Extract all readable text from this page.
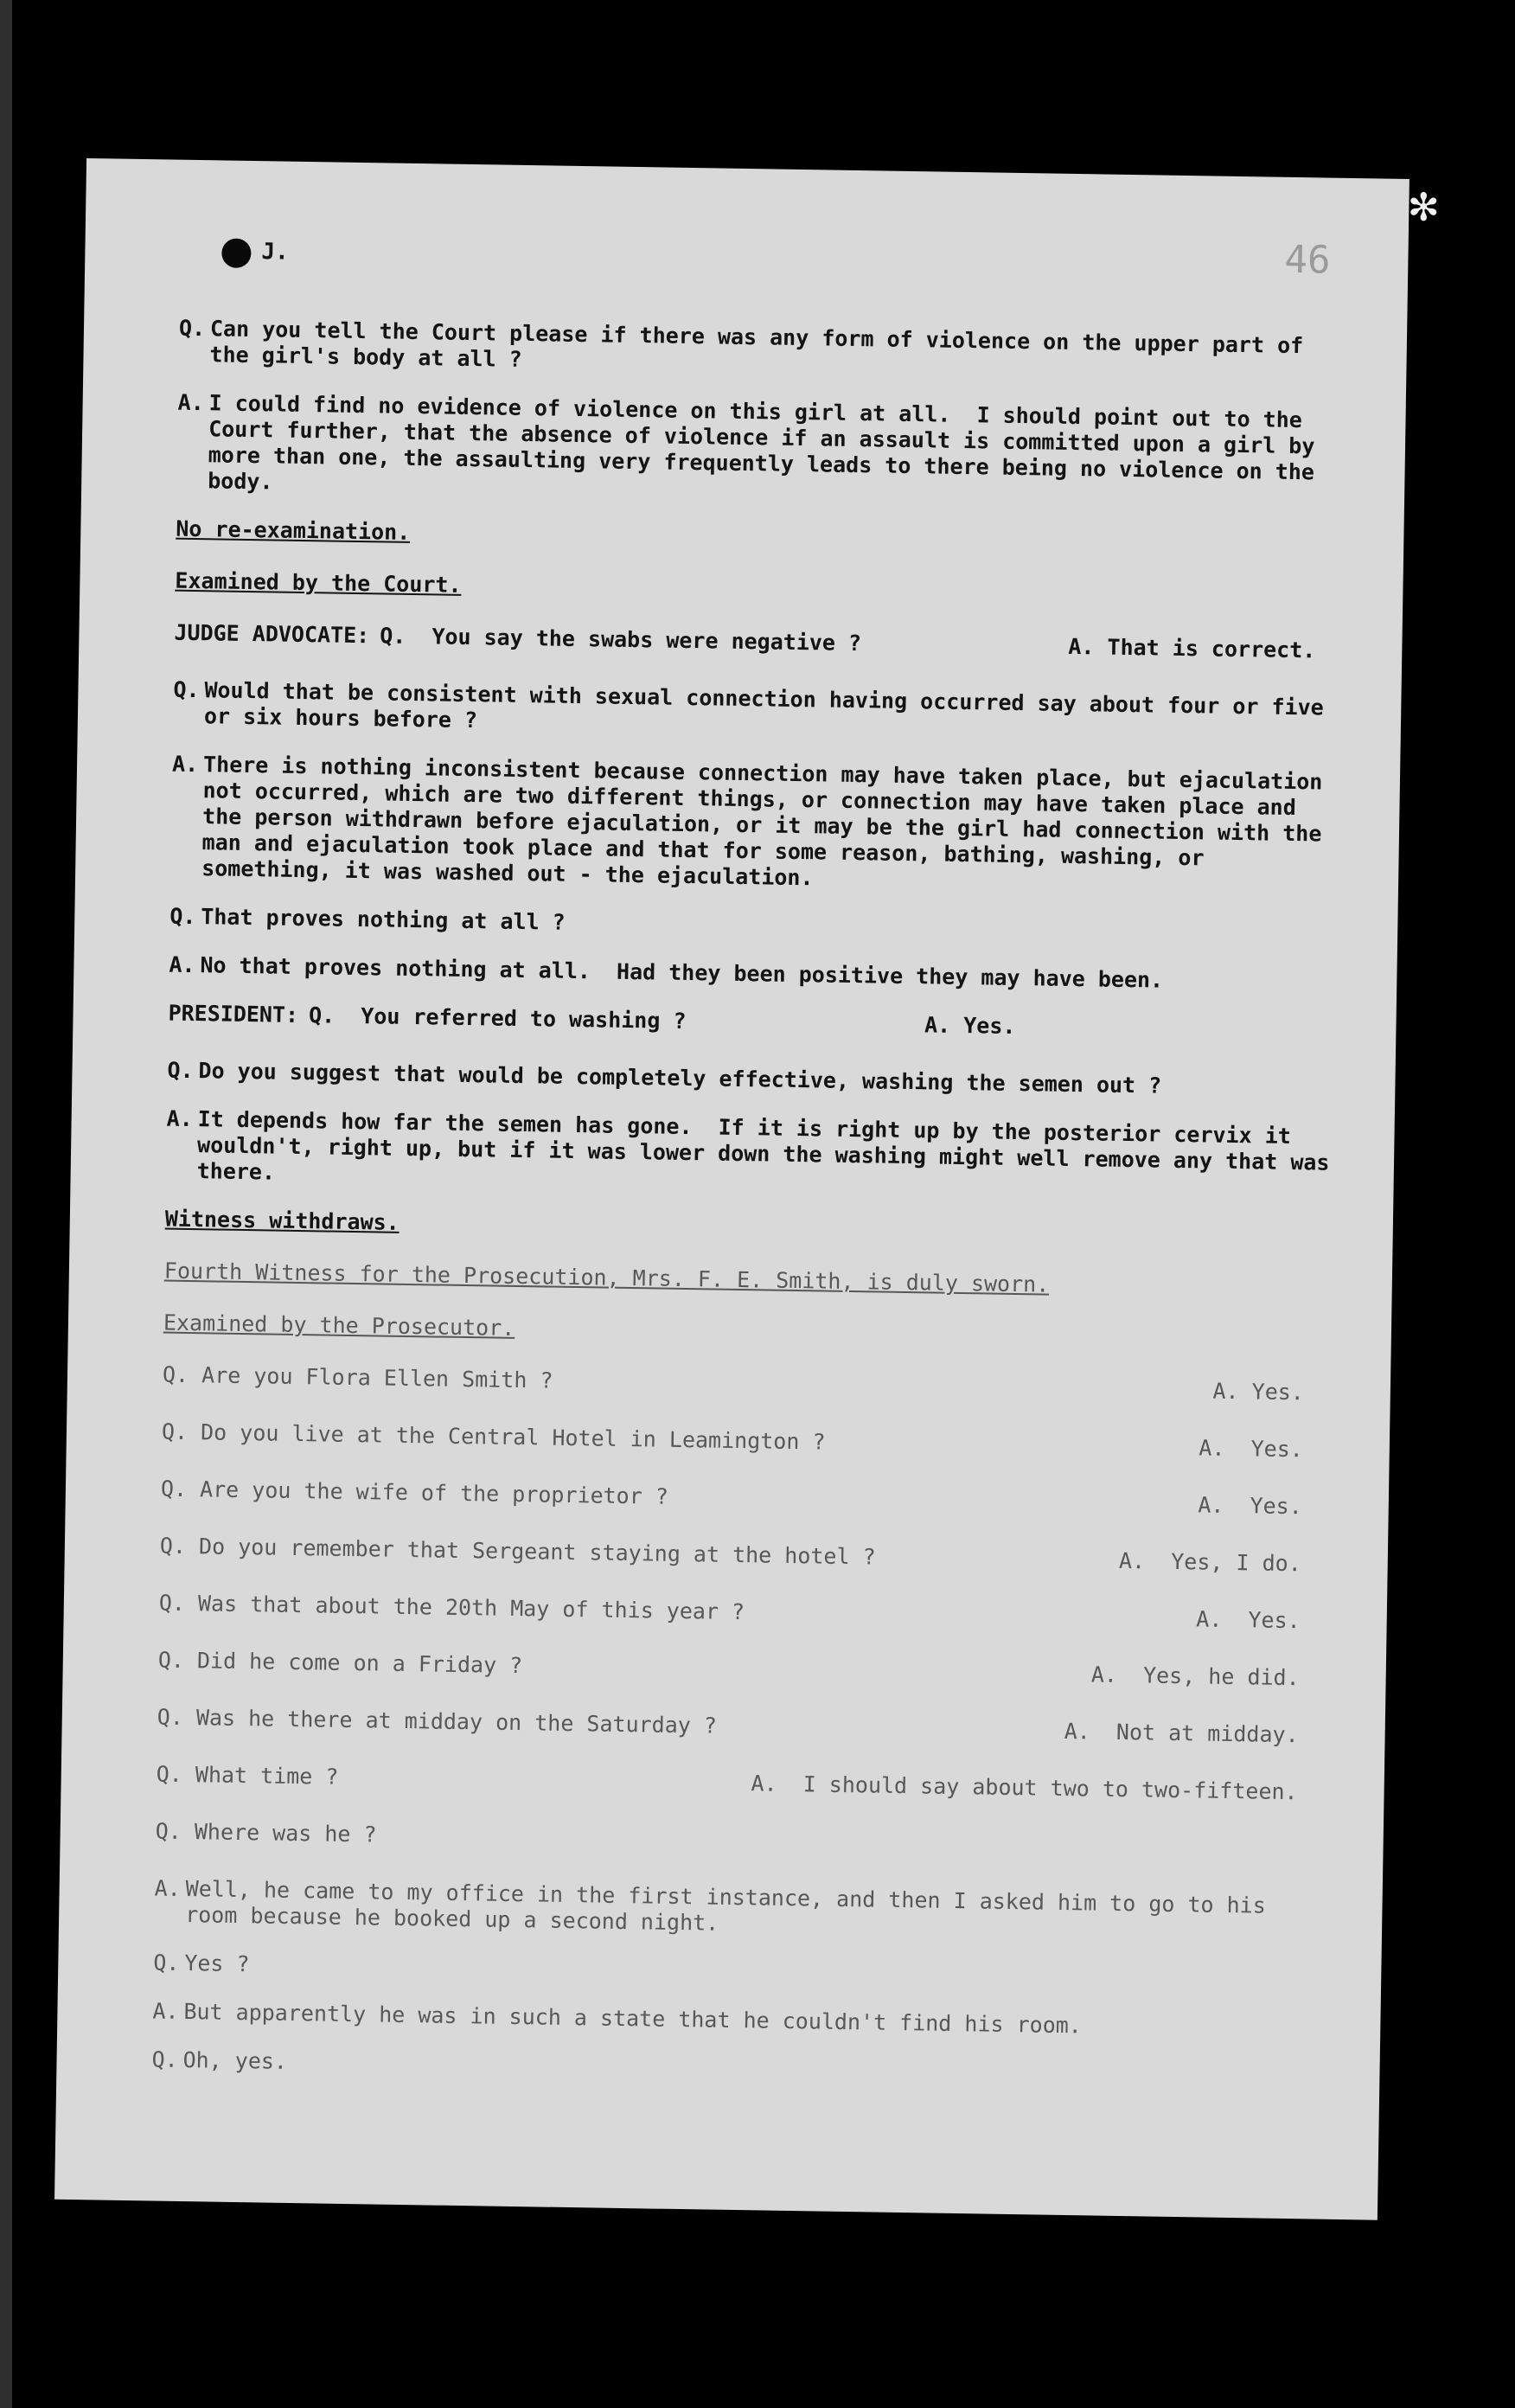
✻
J.	46
Q. Can you tell the Court please if there was any form of violence on the upper part of the girl's body at all ?
A. I could find no evidence of violence on this girl at all.  I should point out to the Court further, that the absence of violence if an assault is committed upon a girl by more than one, the assaulting very frequently leads to there being no violence on the body.

No re-examination.

Examined by the Court.

JUDGE ADVOCATE: Q.  You say the swabs were negative ?	A. That is correct.
Q. Would that be consistent with sexual connection having occurred say about four or five or six hours before ?
A. There is nothing inconsistent because connection may have taken place, but ejaculation not occurred, which are two different things, or connection may have taken place and the person withdrawn before ejaculation, or it may be the girl had connection with the man and ejaculation took place and that for some reason, bathing, washing, or something, it was washed out - the ejaculation.
Q. That proves nothing at all ?
A. No that proves nothing at all.  Had they been positive they may have been.
PRESIDENT: Q.  You referred to washing ?	A. Yes.
Q. Do you suggest that would be completely effective, washing the semen out ?
A. It depends how far the semen has gone.  If it is right up by the posterior cervix it wouldn't, right up, but if it was lower down the washing might well remove any that was there.

Witness withdraws.

Fourth Witness for the Prosecution, Mrs. F. E. Smith, is duly sworn.

Examined by the Prosecutor.

Q. Are you Flora Ellen Smith ?	A. Yes.
Q. Do you live at the Central Hotel in Leamington ?	A.  Yes.
Q. Are you the wife of the proprietor ?	A.  Yes.
Q. Do you remember that Sergeant staying at the hotel ?	A.  Yes, I do.
Q. Was that about the 20th May of this year ?	A.  Yes.
Q. Did he come on a Friday ?	A.  Yes, he did.
Q. Was he there at midday on the Saturday ?	A.  Not at midday.
Q. What time ?	A.  I should say about two to two-fifteen.
Q. Where was he ?
A. Well, he came to my office in the first instance, and then I asked him to go to his room because he booked up a second night.
Q. Yes ?
A. But apparently he was in such a state that he couldn't find his room.
Q. Oh, yes.
